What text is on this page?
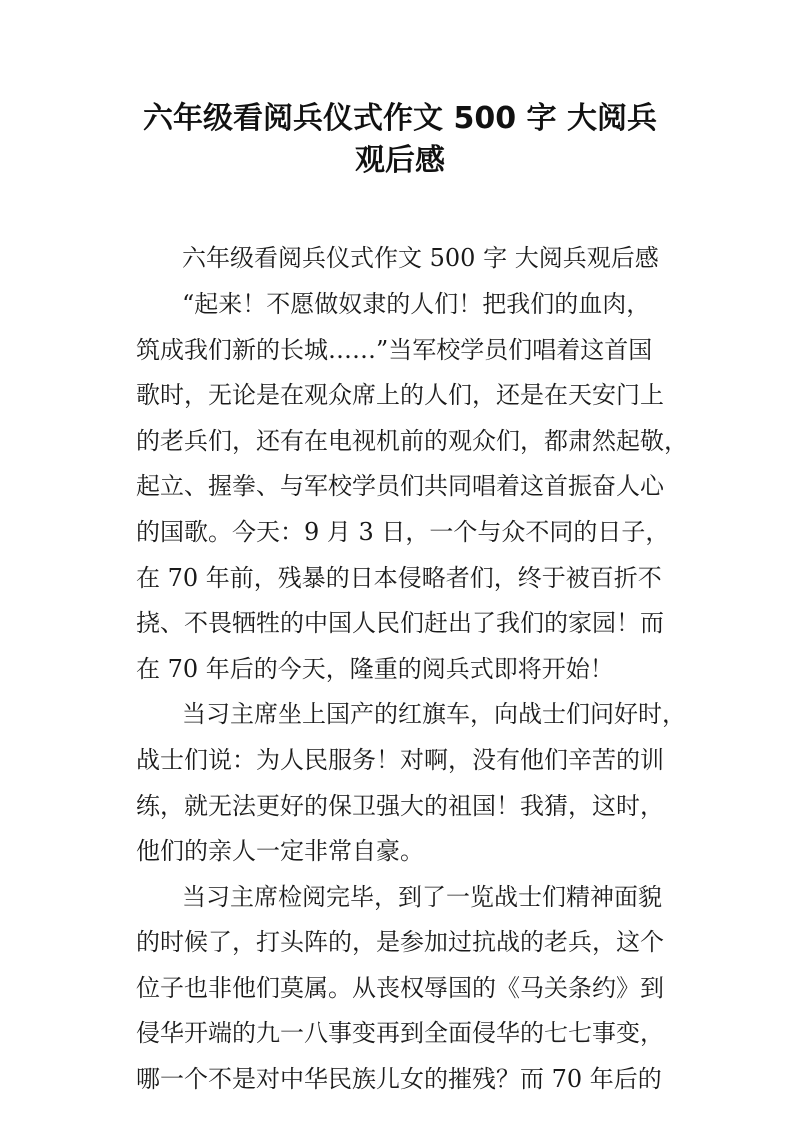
六年级看阅兵仪式作文 500 字 大阅兵
观后感
六年级看阅兵仪式作文 500 字 大阅兵观后感
“起来！不愿做奴隶的人们！把我们的血肉，
筑成我们新的长城……”当军校学员们唱着这首国
歌时，无论是在观众席上的人们，还是在天安门上
的老兵们，还有在电视机前的观众们，都肃然起敬，
起立、握拳、与军校学员们共同唱着这首振奋人心
的国歌。今天：9 月 3 日，一个与众不同的日子，
在 70 年前，残暴的日本侵略者们，终于被百折不
挠、不畏牺牲的中国人民们赶出了我们的家园！而
在 70 年后的今天，隆重的阅兵式即将开始！
当习主席坐上国产的红旗车，向战士们问好时，
战士们说：为人民服务！对啊，没有他们辛苦的训
练，就无法更好的保卫强大的祖国！我猜，这时，
他们的亲人一定非常自豪。
当习主席检阅完毕，到了一览战士们精神面貌
的时候了，打头阵的，是参加过抗战的老兵，这个
位子也非他们莫属。从丧权辱国的《马关条约》到
侵华开端的九一八事变再到全面侵华的七七事变，
哪一个不是对中华民族儿女的摧残？而 70 年后的
